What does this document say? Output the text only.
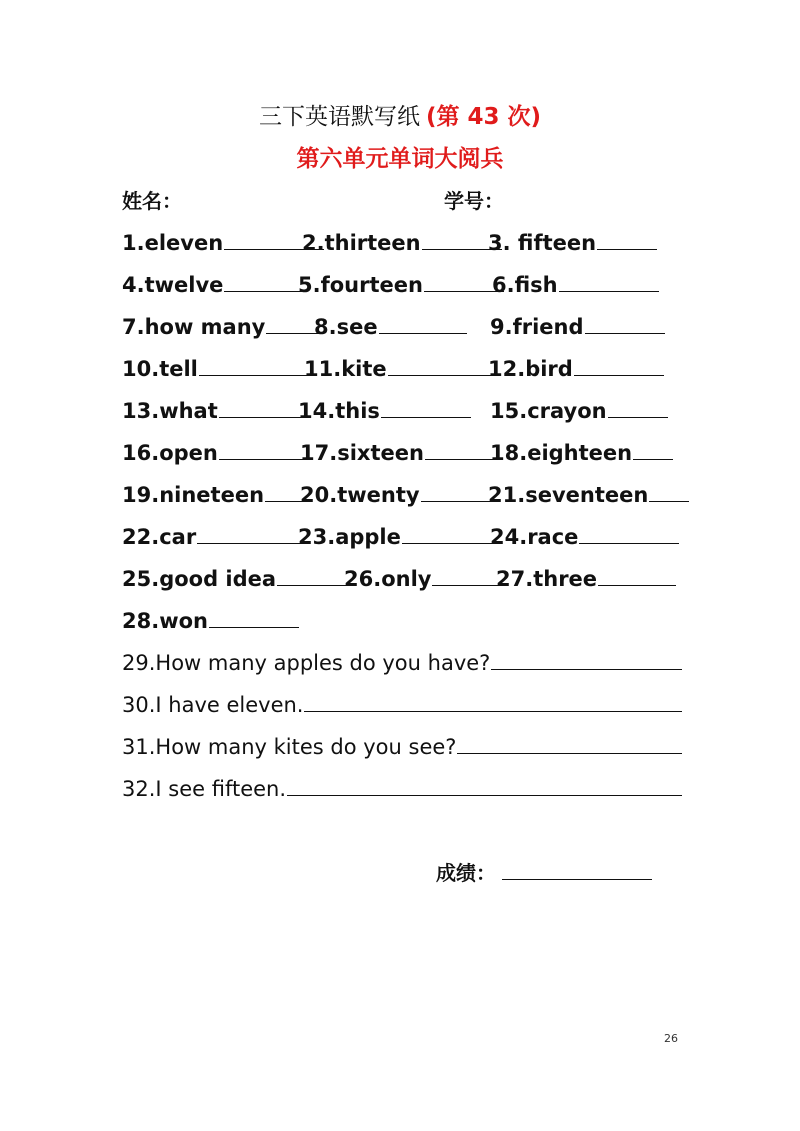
三下英语默写纸 (第 43 次)
第六单元单词大阅兵
姓名：	学号：
1.eleven	2.thirteen	3. fifteen
4.twelve	5.fourteen	6.fish
7.how many 8.see	9.friend
10.tell	11.kite	12.bird
13.what	14.this	15.crayon
16.open	17.sixteen	18.eighteen
19.nineteen 20.twenty	21.seventeen
22.car	23.apple	24.race
25.good idea	26.only	27.three
28.won
29.How many apples do you have?
30.I have eleven.
31.How many kites do you see?
32.I see fifteen.
成绩：
26
